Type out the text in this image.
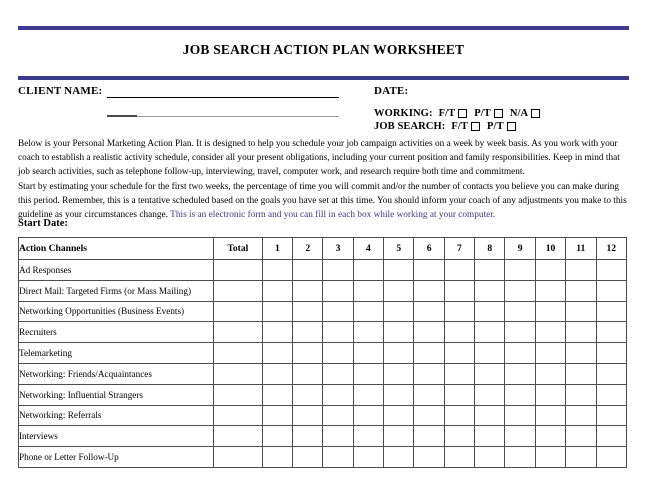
JOB SEARCH ACTION PLAN WORKSHEET
CLIENT NAME:	DATE:
WORKING: F/T P/T N/A
JOB SEARCH: F/T P/T
Below is your Personal Marketing Action Plan. It is designed to help you schedule your job campaign activities on a week by week basis. As you work with your coach to establish a realistic activity schedule, consider all your present obligations, including your current position and family responsibilities. Keep in mind that job search activities, such as telephone follow-up, interviewing, travel, computer work, and research require both time and commitment.
Start by estimating your schedule for the first two weeks, the percentage of time you will commit and/or the number of contacts you believe you can make during this period. Remember, this is a tentative scheduled based on the goals you have set at this time. You should inform your coach of any adjustments you make to this guideline as your circumstances change. This is an electronic form and you can fill in each box while working at your computer.
Start Date:
Action Channels	Total	1	2	3	4	5	6	7	8	9	10	11	12
Ad Responses													
Direct Mail: Targeted Firms (or Mass Mailing)													
Networking Opportunities (Business Events)													
Recruiters													
Telemarketing													
Networking: Friends/Acquaintances													
Networking: Influential Strangers													
Networking: Referrals													
Interviews													
Phone or Letter Follow-Up													
